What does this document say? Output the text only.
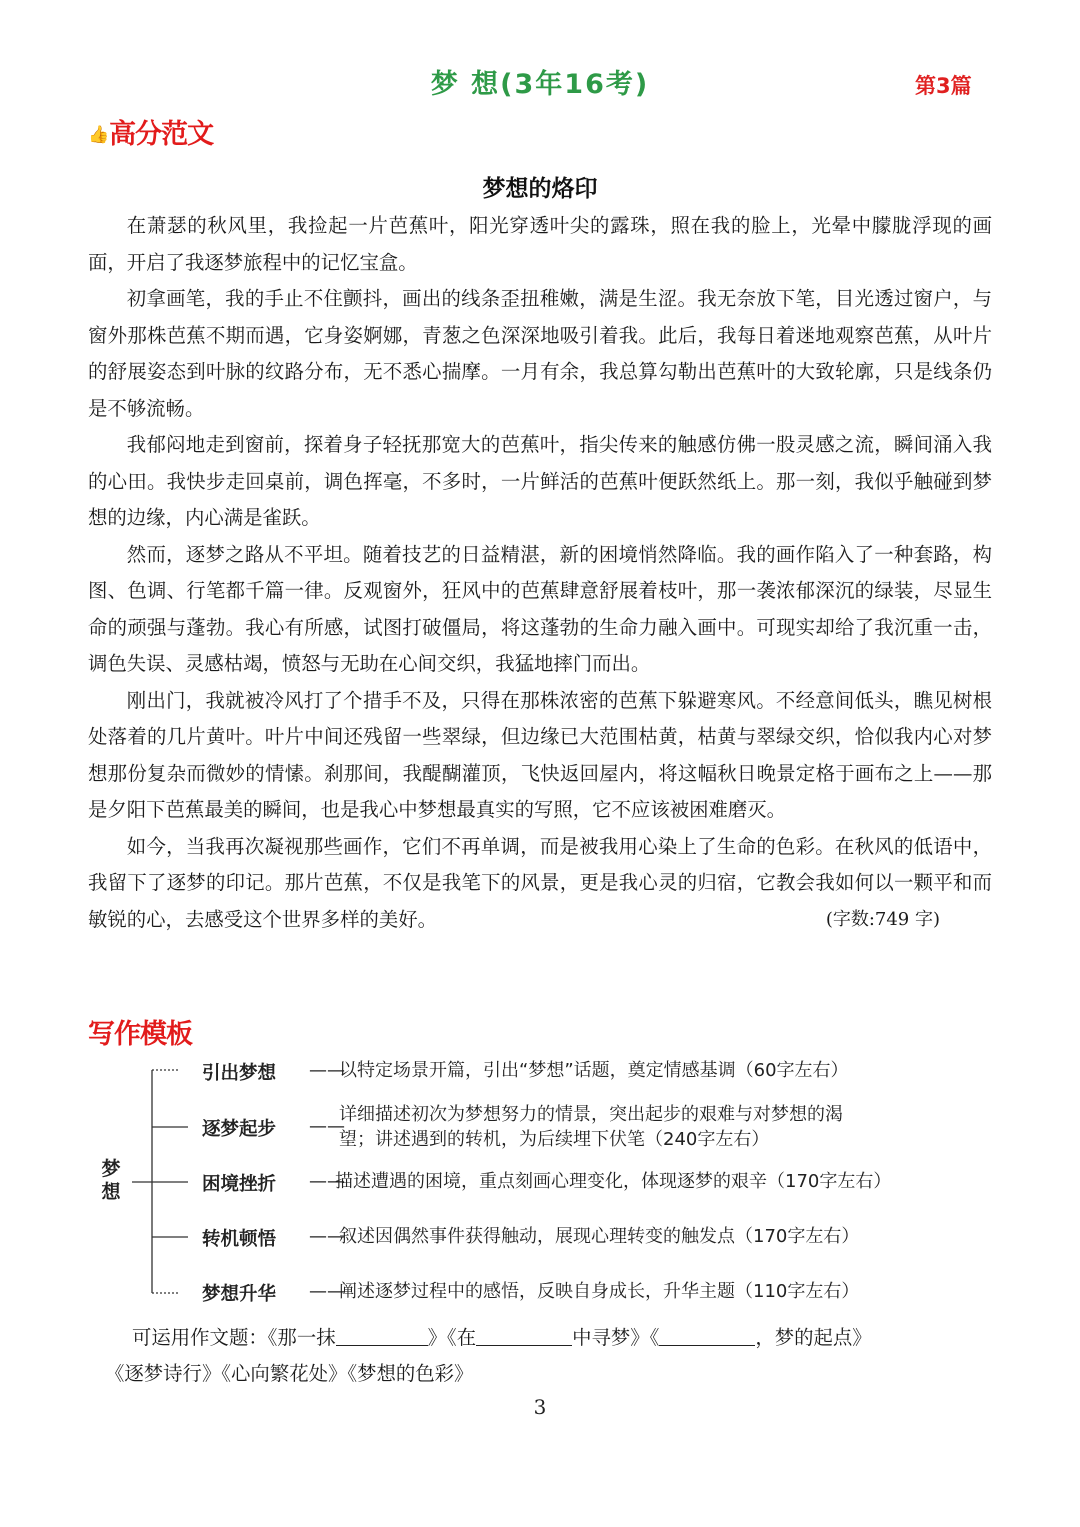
梦 想(3年16考)	第3篇
👍高分范文
梦想的烙印

在萧瑟的秋风里，我捡起一片芭蕉叶，阳光穿透叶尖的露珠，照在我的脸上，光晕中朦胧浮现的画面，开启了我逐梦旅程中的记忆宝盒。

初拿画笔，我的手止不住颤抖，画出的线条歪扭稚嫩，满是生涩。我无奈放下笔，目光透过窗户，与窗外那株芭蕉不期而遇，它身姿婀娜，青葱之色深深地吸引着我。此后，我每日着迷地观察芭蕉，从叶片的舒展姿态到叶脉的纹路分布，无不悉心揣摩。一月有余，我总算勾勒出芭蕉叶的大致轮廓，只是线条仍是不够流畅。

我郁闷地走到窗前，探着身子轻抚那宽大的芭蕉叶，指尖传来的触感仿佛一股灵感之流，瞬间涌入我的心田。我快步走回桌前，调色挥毫，不多时，一片鲜活的芭蕉叶便跃然纸上。那一刻，我似乎触碰到梦想的边缘，内心满是雀跃。

然而，逐梦之路从不平坦。随着技艺的日益精湛，新的困境悄然降临。我的画作陷入了一种套路，构图、色调、行笔都千篇一律。反观窗外，狂风中的芭蕉肆意舒展着枝叶，那一袭浓郁深沉的绿装，尽显生命的顽强与蓬勃。我心有所感，试图打破僵局，将这蓬勃的生命力融入画中。可现实却给了我沉重一击，调色失误、灵感枯竭，愤怒与无助在心间交织，我猛地摔门而出。

刚出门，我就被冷风打了个措手不及，只得在那株浓密的芭蕉下躲避寒风。不经意间低头，瞧见树根处落着的几片黄叶。叶片中间还残留一些翠绿，但边缘已大范围枯黄，枯黄与翠绿交织，恰似我内心对梦想那份复杂而微妙的情愫。刹那间，我醍醐灌顶，飞快返回屋内，将这幅秋日晚景定格于画布之上——那是夕阳下芭蕉最美的瞬间，也是我心中梦想最真实的写照，它不应该被困难磨灭。

如今，当我再次凝视那些画作，它们不再单调，而是被我用心染上了生命的色彩。在秋风的低语中，我留下了逐梦的印记。那片芭蕉，不仅是我笔下的风景，更是我心灵的归宿，它教会我如何以一颗平和而敏锐的心，去感受这个世界多样的美好。	(字数:749 字)

写作模板
梦想
引出梦想 ——以特定场景开篇，引出“梦想”话题，奠定情感基调（60字左右）
逐梦起步 ——详细描述初次为梦想努力的情景，突出起步的艰难与对梦想的渴
望；讲述遇到的转机，为后续埋下伏笔（240字左右）
困境挫折 ——描述遭遇的困境，重点刻画心理变化，体现逐梦的艰辛（170字左右）
转机顿悟 ——叙述因偶然事件获得触动，展现心理转变的触发点（170字左右）
梦想升华 ——阐述逐梦过程中的感悟，反映自身成长，升华主题（110字左右）
可运用作文题：《那一抹	》《在	中寻梦》《	，梦的起点》
《逐梦诗行》《心向繁花处》《梦想的色彩》
3
